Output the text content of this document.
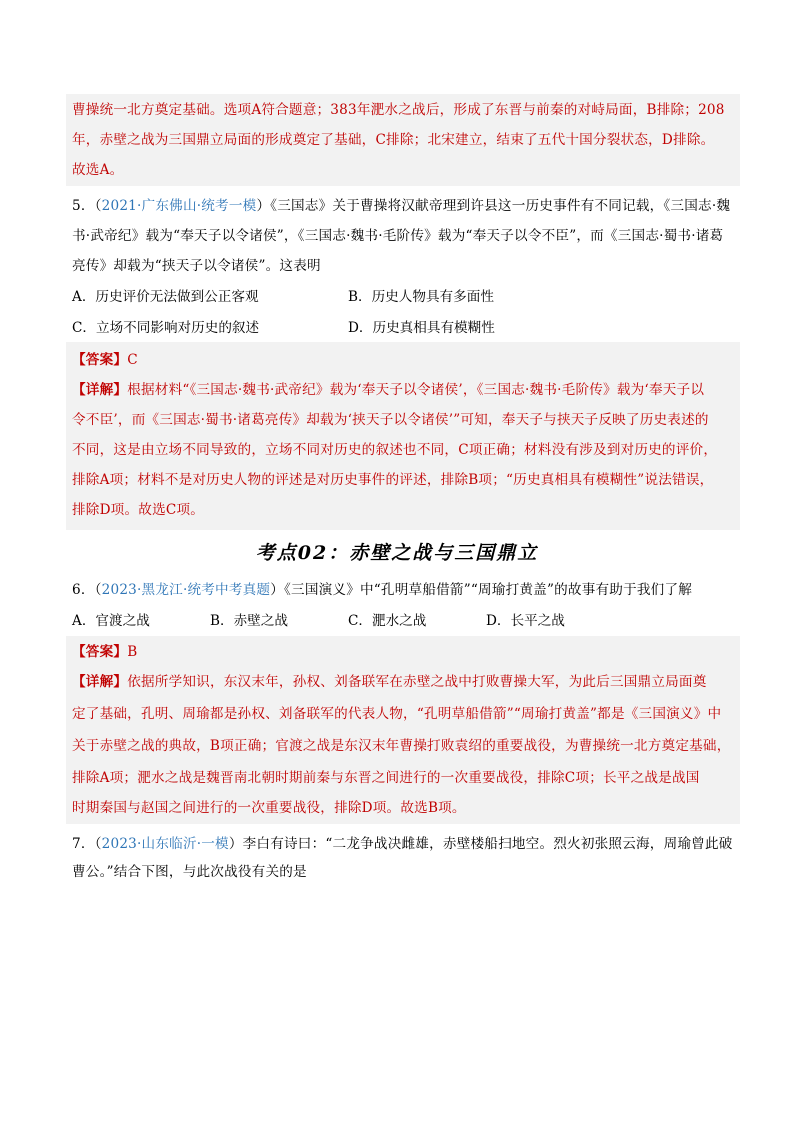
曹操统一北方奠定基础。选项A符合题意；383年淝水之战后，形成了东晋与前秦的对峙局面，B排除；208
年，赤壁之战为三国鼎立局面的形成奠定了基础，C排除；北宋建立，结束了五代十国分裂状态，D排除。
故选A。
5．（2021·广东佛山·统考一模）《三国志》关于曹操将汉献帝理到许县这一历史事件有不同记载，《三国志·魏
书·武帝纪》载为“奉天子以令诸侯”，《三国志·魏书·毛阶传》载为“奉天子以令不臣”，而《三国志·蜀书·诸葛
亮传》却载为“挟天子以令诸侯”。这表明
A．历史评价无法做到公正客观	B．历史人物具有多面性
C．立场不同影响对历史的叙述	D．历史真相具有模糊性
【答案】C
【详解】根据材料“《三国志·魏书·武帝纪》载为‘奉天子以令诸侯’，《三国志·魏书·毛阶传》载为‘奉天子以
令不臣’，而《三国志·蜀书·诸葛亮传》却载为‘挟天子以令诸侯’”可知，奉天子与挟天子反映了历史表述的
不同，这是由立场不同导致的，立场不同对历史的叙述也不同，C项正确；材料没有涉及到对历史的评价，
排除A项；材料不是对历史人物的评述是对历史事件的评述，排除B项；“历史真相具有模糊性”说法错误，
排除D项。故选C项。
考点02：赤壁之战与三国鼎立
6．（2023·黑龙江·统考中考真题）《三国演义》中“孔明草船借箭”“周瑜打黄盖”的故事有助于我们了解
A．官渡之战	B．赤壁之战	C．淝水之战	D．长平之战
【答案】B
【详解】依据所学知识，东汉末年，孙权、刘备联军在赤壁之战中打败曹操大军，为此后三国鼎立局面奠
定了基础，孔明、周瑜都是孙权、刘备联军的代表人物，“孔明草船借箭”“周瑜打黄盖”都是《三国演义》中
关于赤壁之战的典故，B项正确；官渡之战是东汉末年曹操打败袁绍的重要战役，为曹操统一北方奠定基础，
排除A项；淝水之战是魏晋南北朝时期前秦与东晋之间进行的一次重要战役，排除C项；长平之战是战国
时期秦国与赵国之间进行的一次重要战役，排除D项。故选B项。
7．（2023·山东临沂·一模）李白有诗曰：“二龙争战决雌雄，赤壁楼船扫地空。烈火初张照云海，周瑜曾此破
曹公。”结合下图，与此次战役有关的是
